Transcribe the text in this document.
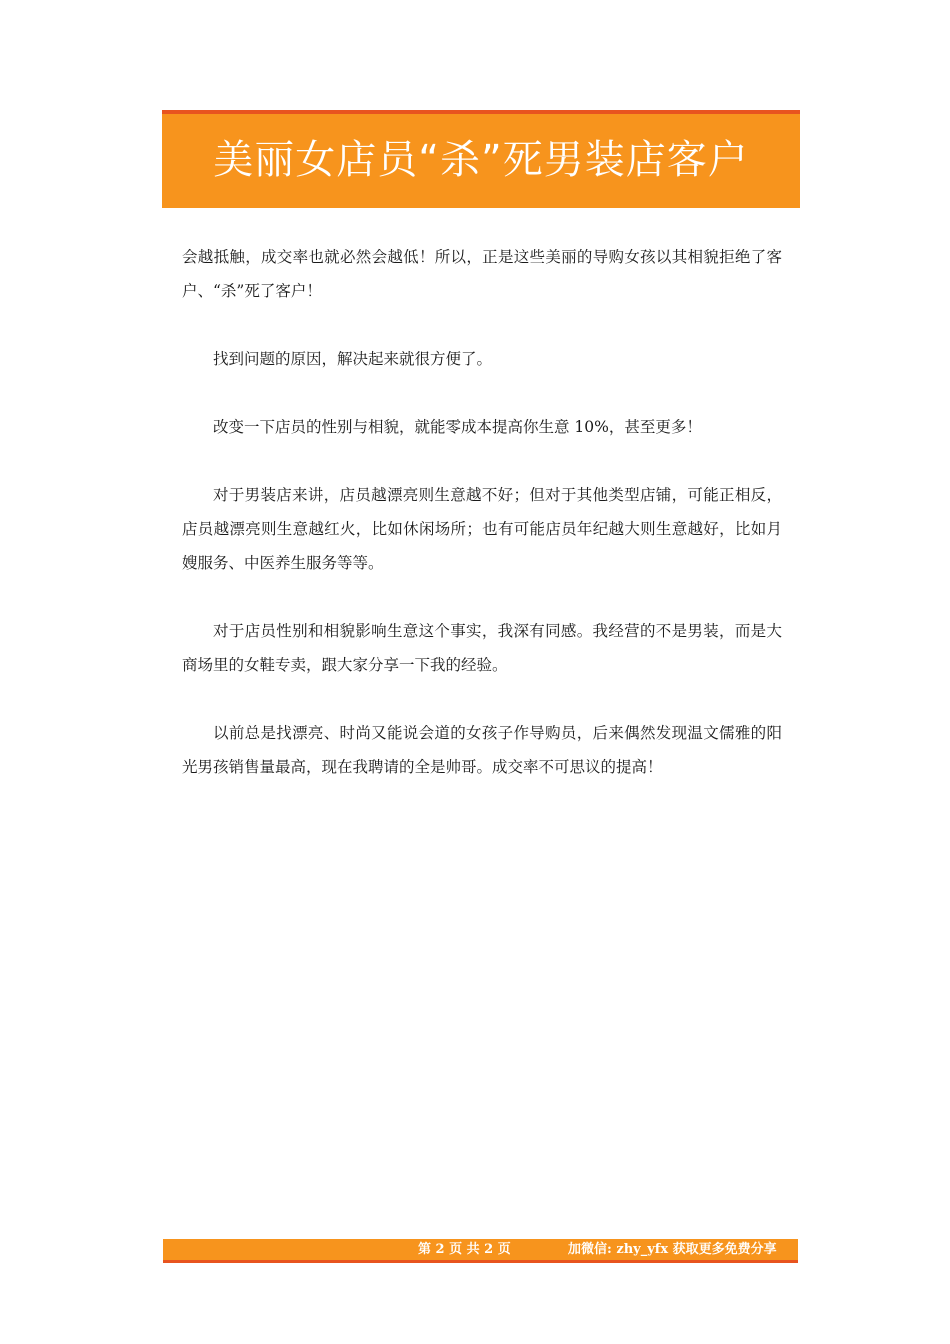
美丽女店员“杀”死男装店客户

会越抵触，成交率也就必然会越低！所以，正是这些美丽的导购女孩以其相貌拒绝了客户、“杀”死了客户！

找到问题的原因，解决起来就很方便了。

改变一下店员的性别与相貌，就能零成本提高你生意 10%，甚至更多！

对于男装店来讲，店员越漂亮则生意越不好；但对于其他类型店铺，可能正相反，店员越漂亮则生意越红火，比如休闲场所；也有可能店员年纪越大则生意越好，比如月嫂服务、中医养生服务等等。

对于店员性别和相貌影响生意这个事实，我深有同感。我经营的不是男装，而是大商场里的女鞋专卖，跟大家分享一下我的经验。

以前总是找漂亮、时尚又能说会道的女孩子作导购员，后来偶然发现温文儒雅的阳光男孩销售量最高，现在我聘请的全是帅哥。成交率不可思议的提高！

第 2 页 共 2 页	加微信: zhy_yfx 获取更多免费分享
